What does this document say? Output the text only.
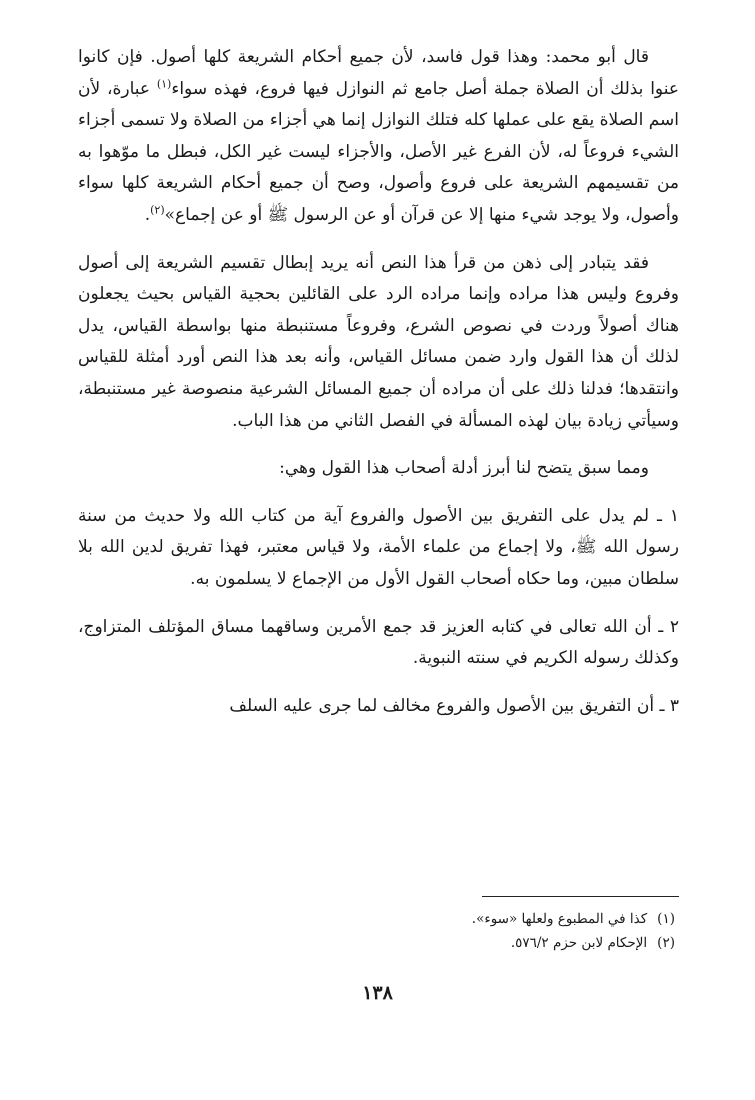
قال أبو محمد: وهذا قول فاسد، لأن جميع أحكام الشريعة كلها أصول. فإن كانوا عنوا بذلك أن الصلاة جملة أصل جامع ثم النوازل فيها فروع، فهذه سواء$^{(١)}$ عبارة، لأن اسم الصلاة يقع على عملها كله فتلك النوازل إنما هي أجزاء من الصلاة ولا تسمى أجزاء الشيء فروعاً له، لأن الفرع غير الأصل، والأجزاء ليست غير الكل، فبطل ما موّهوا به من تقسيمهم الشريعة على فروع وأصول، وصح أن جميع أحكام الشريعة كلها سواء وأصول، ولا يوجد شيء منها إلا عن قرآن أو عن الرسول ﷺ أو عن إجماع»$^{(٢)}$.

فقد يتبادر إلى ذهن من قرأ هذا النص أنه يريد إبطال تقسيم الشريعة إلى أصول وفروع وليس هذا مراده وإنما مراده الرد على القائلين بحجية القياس بحيث يجعلون هناك أصولاً وردت في نصوص الشرع، وفروعاً مستنبطة منها بواسطة القياس، يدل لذلك أن هذا القول وارد ضمن مسائل القياس، وأنه بعد هذا النص أورد أمثلة للقياس وانتقدها؛ فدلنا ذلك على أن مراده أن جميع المسائل الشرعية منصوصة غير مستنبطة، وسيأتي زيادة بيان لهذه المسألة في الفصل الثاني من هذا الباب.

ومما سبق يتضح لنا أبرز أدلة أصحاب هذا القول وهي:

١ ـ لم يدل على التفريق بين الأصول والفروع آية من كتاب الله ولا حديث من سنة رسول الله ﷺ، ولا إجماع من علماء الأمة، ولا قياس معتبر، فهذا تفريق لدين الله بلا سلطان مبين، وما حكاه أصحاب القول الأول من الإجماع لا يسلمون به.

٢ ـ أن الله تعالى في كتابه العزيز قد جمع الأمرين وساقهما مساق المؤتلف المتزاوج، وكذلك رسوله الكريم في سنته النبوية.

٣ ـ أن التفريق بين الأصول والفروع مخالف لما جرى عليه السلف

(١)كذا في المطبوع ولعلها «سوء».

(٢)الإحكام لابن حزم ٥٧٦/٢.

١٣٨
